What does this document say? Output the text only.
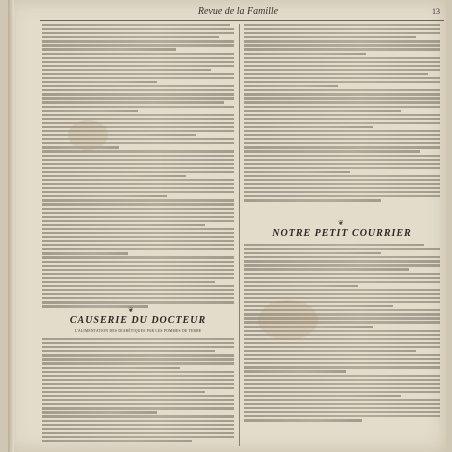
Revue de la Famille	13
❦
CAUSERIE DU DOCTEUR
L'ALIMENTATION DES DIABÉTIQUES PAR LES POMMES DE TERRE
❦
NOTRE PETIT COURRIER
